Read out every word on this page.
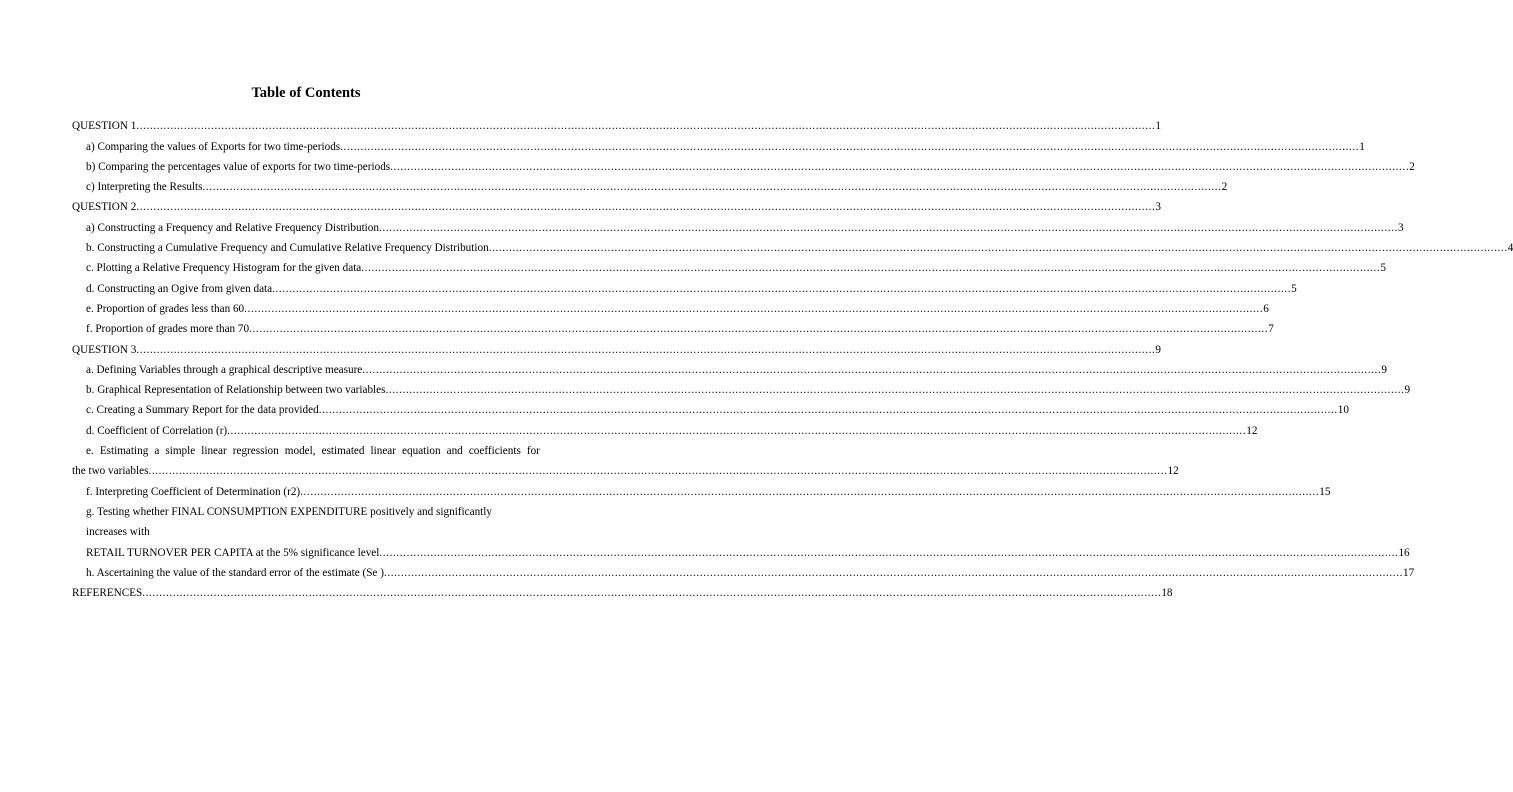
Table of Contents
QUESTION 1 ............................................................................................................................................................................................................................................................................................................ 1
a) Comparing the values of Exports for two time-periods ............................................................................................................................................................................................................................................................................................................ 1
b) Comparing the percentages value of exports for two time-periods ............................................................................................................................................................................................................................................................................................................ 2
c) Interpreting the Results ............................................................................................................................................................................................................................................................................................................ 2
QUESTION 2 ............................................................................................................................................................................................................................................................................................................ 3
a) Constructing a Frequency and Relative Frequency Distribution ............................................................................................................................................................................................................................................................................................................ 3
b. Constructing a Cumulative Frequency and Cumulative Relative Frequency Distribution ............................................................................................................................................................................................................................................................................................................ 4
c. Plotting a Relative Frequency Histogram for the given data ............................................................................................................................................................................................................................................................................................................ 5
d. Constructing an Ogive from given data ............................................................................................................................................................................................................................................................................................................ 5
e. Proportion of grades less than 60 ............................................................................................................................................................................................................................................................................................................ 6
f. Proportion of grades more than 70 ............................................................................................................................................................................................................................................................................................................ 7
QUESTION 3 ............................................................................................................................................................................................................................................................................................................ 9
a. Defining Variables through a graphical descriptive measure ............................................................................................................................................................................................................................................................................................................ 9
b. Graphical Representation of Relationship between two variables ............................................................................................................................................................................................................................................................................................................ 9
c. Creating a Summary Report for the data provided ............................................................................................................................................................................................................................................................................................................ 10
d. Coefficient of Correlation (r) ............................................................................................................................................................................................................................................................................................................ 12
e. Estimating a simple linear regression model, estimated linear equation and coefficients for
the two variables ............................................................................................................................................................................................................................................................................................................ 12
f. Interpreting Coefficient of Determination (r2) ............................................................................................................................................................................................................................................................................................................ 15
g. Testing whether FINAL CONSUMPTION EXPENDITURE positively and significantly
increases with
RETAIL TURNOVER PER CAPITA at the 5% significance level ............................................................................................................................................................................................................................................................................................................ 16
h. Ascertaining the value of the standard error of the estimate (Se ) ............................................................................................................................................................................................................................................................................................................ 17
REFERENCES ............................................................................................................................................................................................................................................................................................................ 18
